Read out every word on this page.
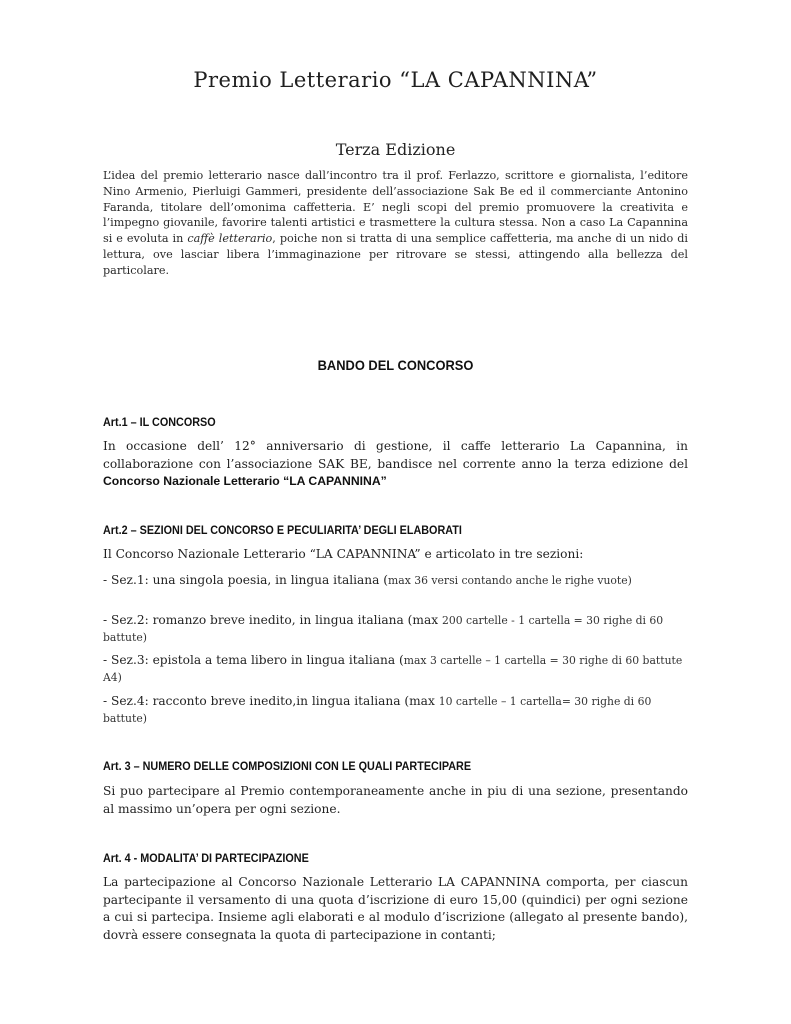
Premio Letterario “LA CAPANNINA”
Terza Edizione
L’idea del premio letterario nasce dall’incontro tra il prof. Ferlazzo, scrittore e giornalista, l’editore Nino Armenio, Pierluigi Gammeri, presidente dell’associazione Sak Be ed il commerciante Antonino Faranda, titolare dell’omonima caffetteria. E’ negli scopi del premio promuovere la creativita e l’impegno giovanile, favorire talenti artistici e trasmettere la cultura stessa. Non a caso La Capannina si e evoluta in caffè letterario, poiche non si tratta di una semplice caffetteria, ma anche di un nido di lettura, ove lasciar libera l’immaginazione per ritrovare se stessi, attingendo alla bellezza del particolare.
BANDO DEL CONCORSO
Art.1 – IL CONCORSO
In occasione dell’ 12° anniversario di gestione, il caffe letterario La Capannina, in collaborazione con l’associazione SAK BE, bandisce nel corrente anno la terza edizione del Concorso Nazionale Letterario “LA CAPANNINA”
Art.2 – SEZIONI DEL CONCORSO E PECULIARITA’ DEGLI ELABORATI
Il Concorso Nazionale Letterario “LA CAPANNINA” e articolato in tre sezioni:
- Sez.1: una singola poesia, in lingua italiana (max 36 versi contando anche le righe vuote)
- Sez.2: romanzo breve inedito, in lingua italiana (max 200 cartelle - 1 cartella = 30 righe di 60 battute)
- Sez.3: epistola a tema libero in lingua italiana (max 3 cartelle – 1 cartella = 30 righe di 60 battute A4)
- Sez.4: racconto breve inedito,in lingua italiana (max 10 cartelle – 1 cartella= 30 righe di 60 battute)
Art. 3 – NUMERO DELLE COMPOSIZIONI CON LE QUALI PARTECIPARE
Si puo partecipare al Premio contemporaneamente anche in piu di una sezione, presentando al massimo un’opera per ogni sezione.
Art. 4 - MODALITA’ DI PARTECIPAZIONE
La partecipazione al Concorso Nazionale Letterario LA CAPANNINA comporta, per ciascun partecipante il versamento di una quota d’iscrizione di euro 15,00 (quindici) per ogni sezione a cui si partecipa. Insieme agli elaborati e al modulo d’iscrizione (allegato al presente bando), dovrà essere consegnata la quota di partecipazione in contanti;
